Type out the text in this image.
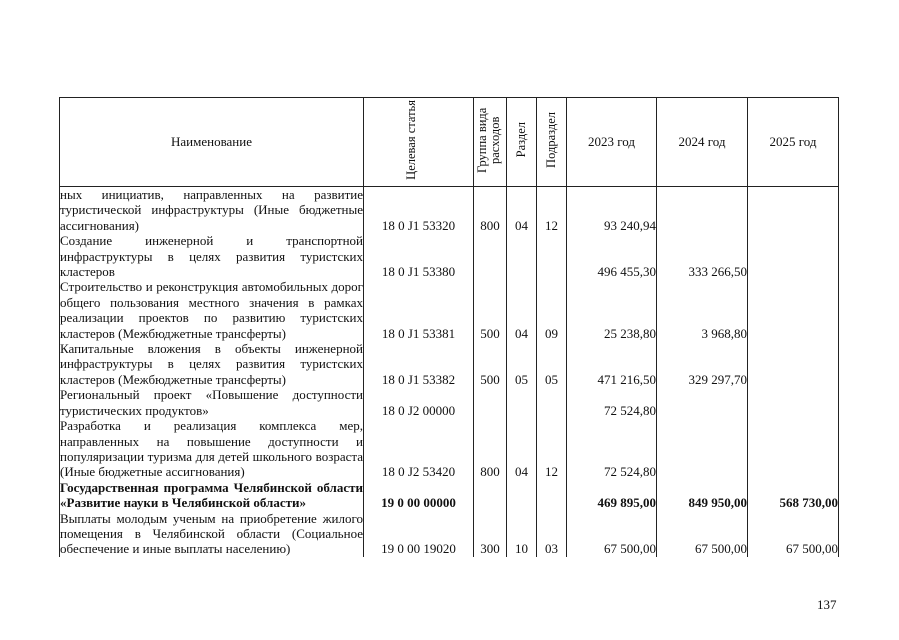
Наименование	Целевая статья	Группа вида расходов	Раздел	Подраздел	2023 год	2024 год	2025 год
ных инициатив, направленных на развитие туристической инфраструктуры (Иные бюджетные ассигнования)	18 0 J1 53320	800	04	12	93 240,94		
Создание инженерной и транспортной инфраструктуры в целях развития туристских кластеров	18 0 J1 53380				496 455,30	333 266,50	
Строительство и реконструкция автомобильных дорог общего пользования местного значения в рамках реализации проектов по развитию туристских кластеров (Межбюджетные трансферты)	18 0 J1 53381	500	04	09	25 238,80	3 968,80	
Капитальные вложения в объекты инженерной инфраструктуры в целях развития туристских кластеров (Межбюджетные трансферты)	18 0 J1 53382	500	05	05	471 216,50	329 297,70	
Региональный проект «Повышение доступности туристических продуктов»	18 0 J2 00000				72 524,80		
Разработка и реализация комплекса мер, направленных на повышение доступности и популяризации туризма для детей школьного возраста (Иные бюджетные ассигнования)	18 0 J2 53420	800	04	12	72 524,80		
Государственная программа Челябинской области «Развитие науки в Челябинской области»	19 0 00 00000				469 895,00	849 950,00	568 730,00
Выплаты молодым ученым на приобретение жилого помещения в Челябинской области (Социальное обеспечение и иные выплаты населению)	19 0 00 19020	300	10	03	67 500,00	67 500,00	67 500,00
137
